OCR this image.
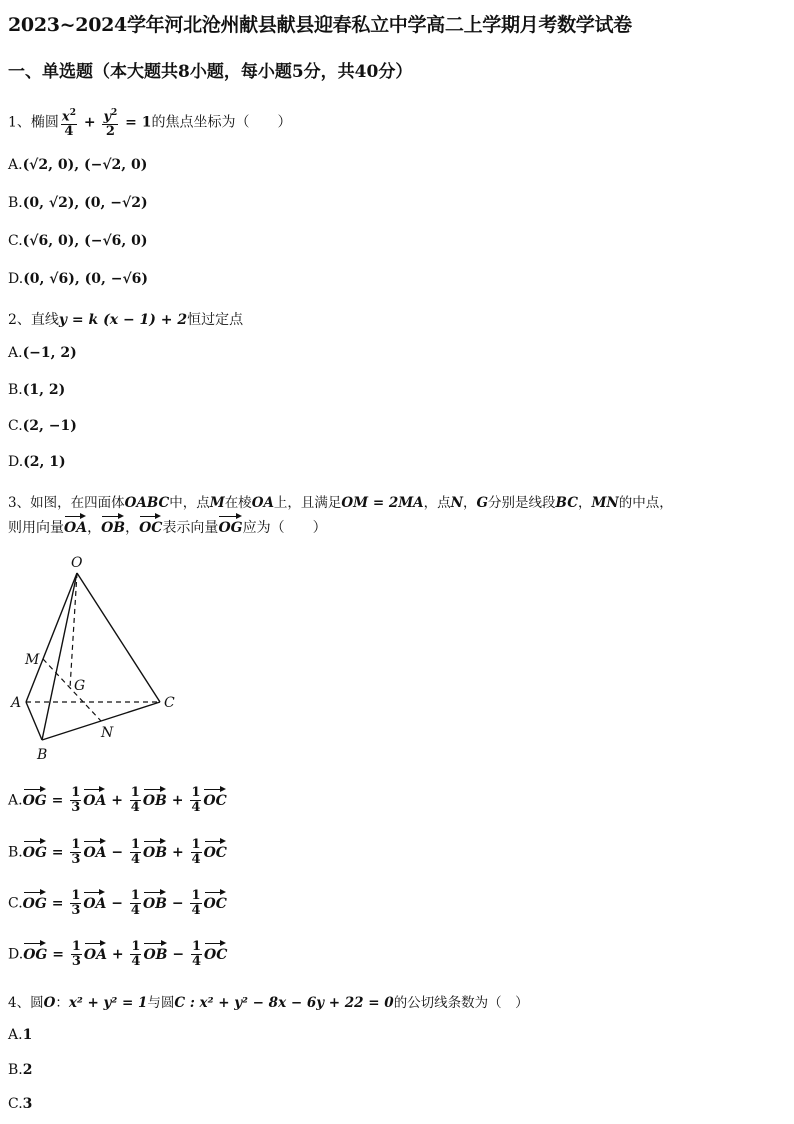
2023~2024学年河北沧州献县献县迎春私立中学高二上学期月考数学试卷
一、单选题（本大题共8小题，每小题5分，共40分）
1、椭圆 $\frac{x^2}{4} + \frac{y^2}{2} = 1$的焦点坐标为（　　）
A.(√2, 0), (−√2, 0)
B.(0, √2), (0, −√2)
C.(√6, 0), (−√6, 0)
D.(0, √6), (0, −√6)
2、直线y = k (x − 1) + 2恒过定点
A.(−1, 2)
B.(1, 2)
C.(2, −1)
D.(2, 1)
3、如图，在四面体OABC中，点M在棱OA上，且满足OM = 2MA，点N，G分别是线段BC，MN的中点，
则用向量OA，OB，OC表示向量OG应为（　　）
O
M
G
A	C
B
N
$A.OG = \frac{1}{3}$ OA + $\frac{1}{4}$ OB + $\frac{1}{4}$ OC
$B.OG = \frac{1}{3}$ OA − $\frac{1}{4}$ OB + $\frac{1}{4}$ OC
$C.OG = \frac{1}{3}$ OA − $\frac{1}{4}$ OB − $\frac{1}{4}$ OC
$D.OG = \frac{1}{3}$ OA + $\frac{1}{4}$ OB − $\frac{1}{4}$ OC
4、圆O：x² + y² = 1与圆C : x² + y² − 8x − 6y + 22 = 0的公切线条数为（　）
A.1
B.2
C.3
